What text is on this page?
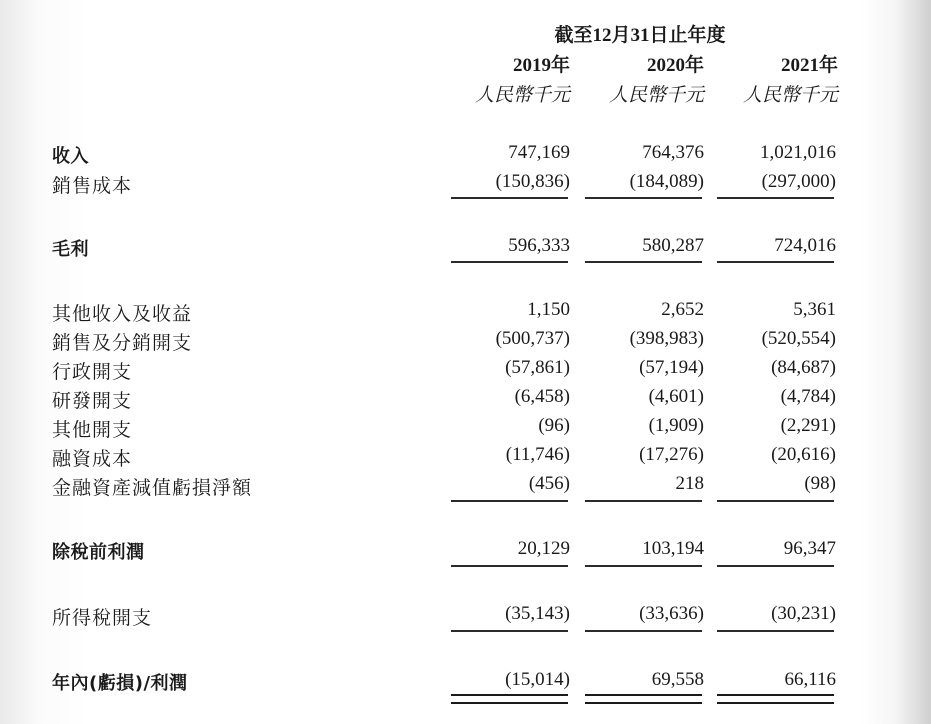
截至12月31日止年度
2019年	2020年	2021年
人民幣千元	人民幣千元	人民幣千元
收入	747,169	764,376	1,021,016
銷售成本	(150,836)	(184,089)	(297,000)
毛利	596,333	580,287	724,016
其他收入及收益	1,150	2,652	5,361
銷售及分銷開支	(500,737)	(398,983)	(520,554)
行政開支	(57,861)	(57,194)	(84,687)
研發開支	(6,458)	(4,601)	(4,784)
其他開支	(96)	(1,909)	(2,291)
融資成本	(11,746)	(17,276)	(20,616)
金融資產減值虧損淨額	(456)	218	(98)
除稅前利潤	20,129	103,194	96,347
所得稅開支	(35,143)	(33,636)	(30,231)
年內(虧損)/利潤	(15,014)	69,558	66,116
